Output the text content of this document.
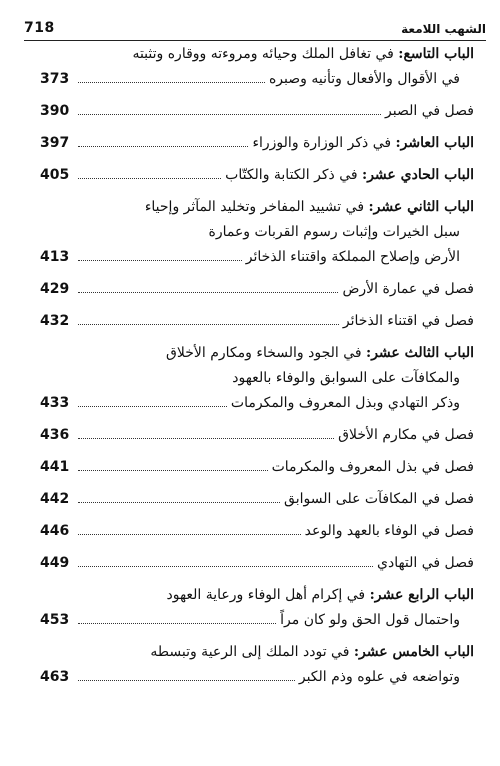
718	الشهب اللامعة
الباب التاسع: في تغافل الملك وحيائه ومروءته ووقاره وتثبته
في الأقوال والأفعال وتأنيه وصبره
373
فصل في الصبر
390
الباب العاشر: في ذكر الوزارة والوزراء
397
الباب الحادي عشر: في ذكر الكتابة والكتّاب
405
الباب الثاني عشر: في تشييد المفاخر وتخليد المآثر وإحياء
سبل الخيرات وإثبات رسوم القربات وعمارة
الأرض وإصلاح المملكة واقتناء الذخائر
413
فصل في عمارة الأرض
429
فصل في اقتناء الذخائر
432
الباب الثالث عشر: في الجود والسخاء ومكارم الأخلاق
والمكافآت على السوابق والوفاء بالعهود
وذكر التهادي وبذل المعروف والمكرمات
433
فصل في مكارم الأخلاق
436
فصل في بذل المعروف والمكرمات
441
فصل في المكافآت على السوابق
442
فصل في الوفاء بالعهد والوعد
446
فصل في التهادي
449
الباب الرابع عشر: في إكرام أهل الوفاء ورعاية العهود
واحتمال قول الحق ولو كان مراً
453
الباب الخامس عشر: في تودد الملك إلى الرعية وتبسطه
وتواضعه في علوه وذم الكبر
463
